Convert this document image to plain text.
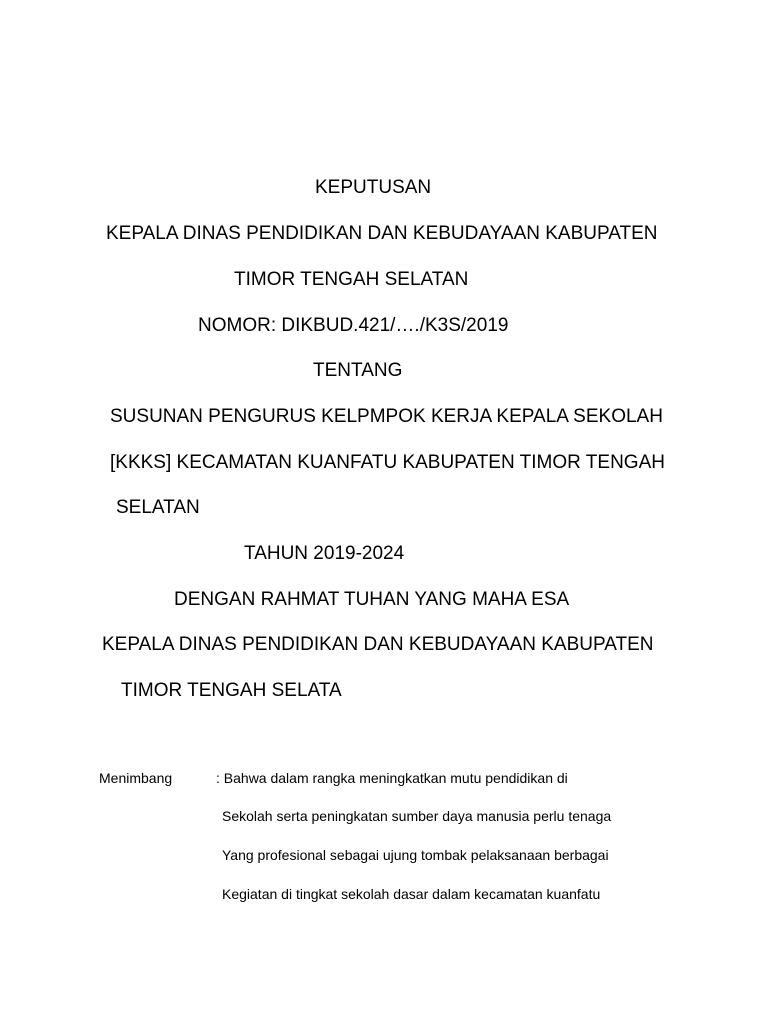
KEPUTUSAN
KEPALA DINAS PENDIDIKAN DAN KEBUDAYAAN KABUPATEN
TIMOR TENGAH SELATAN
NOMOR: DIKBUD.421/…./K3S/2019
TENTANG
SUSUNAN PENGURUS KELPMPOK KERJA KEPALA SEKOLAH
[KKKS] KECAMATAN KUANFATU KABUPATEN TIMOR TENGAH
SELATAN
TAHUN 2019-2024
DENGAN RAHMAT TUHAN YANG MAHA ESA
KEPALA DINAS PENDIDIKAN DAN KEBUDAYAAN KABUPATEN
TIMOR TENGAH SELATA
Menimbang	: Bahwa dalam rangka meningkatkan mutu pendidikan di
Sekolah serta peningkatan sumber daya manusia perlu tenaga
Yang profesional sebagai ujung tombak pelaksanaan berbagai
Kegiatan di tingkat sekolah dasar dalam kecamatan kuanfatu
